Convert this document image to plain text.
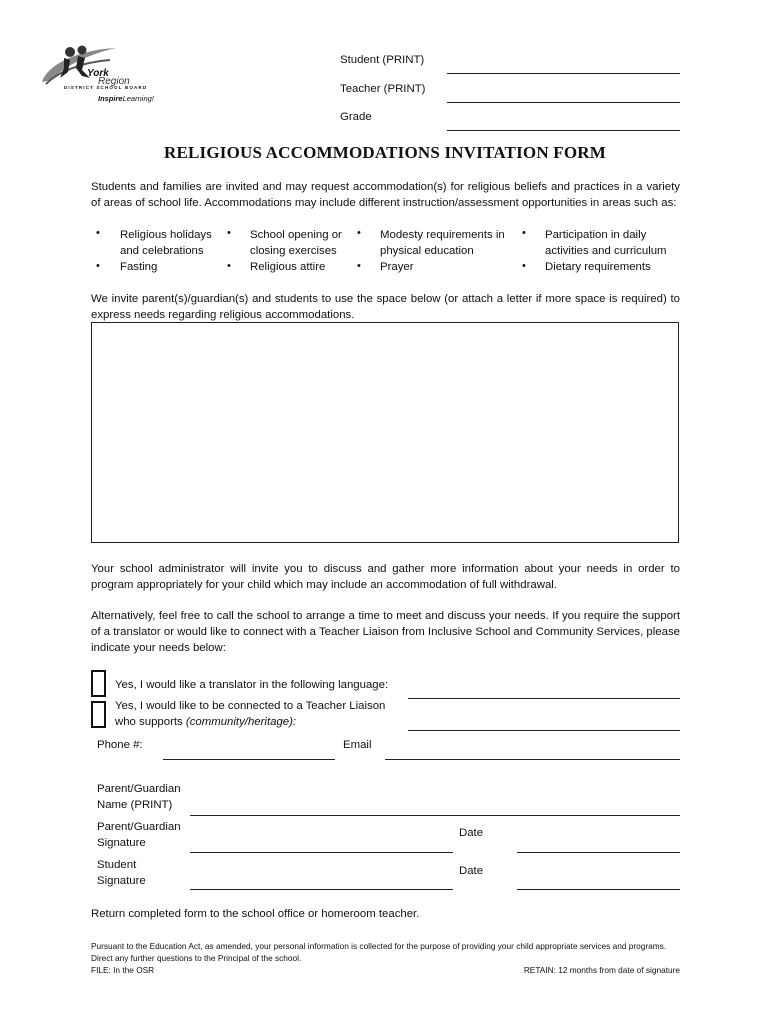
York
Region
DISTRICT SCHOOL BOARD
InspireLearning!
Student (PRINT)
Teacher (PRINT)
Grade
RELIGIOUS ACCOMMODATIONS INVITATION FORM
Students and families are invited and may request accommodation(s) for religious beliefs and practices in a variety of areas of school life. Accommodations may include different instruction/assessment opportunities in areas such as:
• Religious holidays and celebrations
• Fasting
• School opening or closing exercises
• Religious attire
• Modesty requirements in physical education
• Prayer
• Participation in daily activities and curriculum
• Dietary requirements
We invite parent(s)/guardian(s) and students to use the space below (or attach a letter if more space is required) to express needs regarding religious accommodations.
Your school administrator will invite you to discuss and gather more information about your needs in order to program appropriately for your child which may include an accommodation of full withdrawal.
Alternatively, feel free to call the school to arrange a time to meet and discuss your needs. If you require the support of a translator or would like to connect with a Teacher Liaison from Inclusive School and Community Services, please indicate your needs below:
Yes, I would like a translator in the following language:
Yes, I would like to be connected to a Teacher Liaison
who supports (community/heritage):
Phone #:	Email
Parent/Guardian
Name (PRINT)
Parent/Guardian
Signature
Date
Student
Signature
Date
Return completed form to the school office or homeroom teacher.
Pursuant to the Education Act, as amended, your personal information is collected for the purpose of providing your child appropriate services and programs. Direct any further questions to the Principal of the school.
FILE: In the OSR	RETAIN: 12 months from date of signature
